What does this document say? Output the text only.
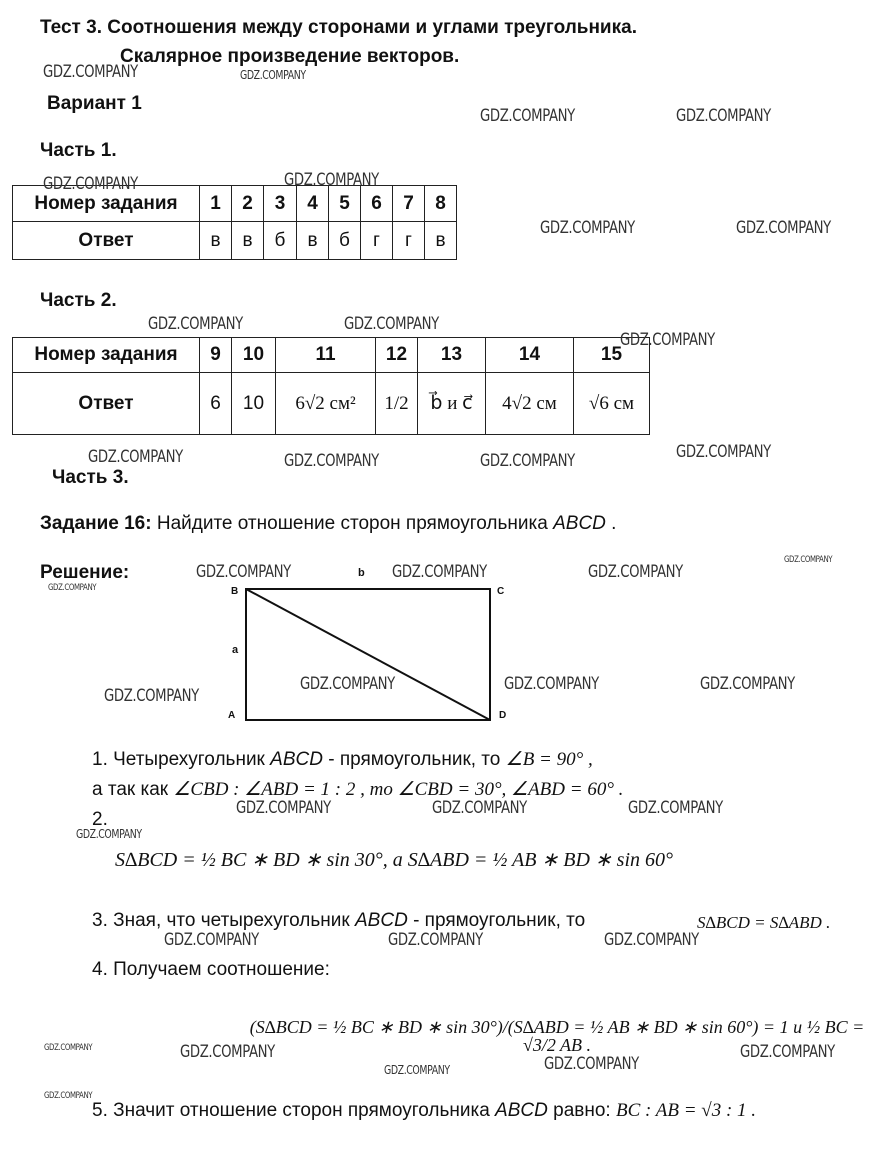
Тест 3. Соотношения между сторонами и углами треугольника.
Скалярное произведение векторов.
Вариант 1
Часть 1.
Номер задания	1	2	3	4	5	6	7	8
Ответ	в	в	б	в	б	г	г	в
Часть 2.
Номер задания	9	10	11	12	13	14	15
Ответ	6	10	6√2 см²	1/2	b⃗ и c⃗	4√2 см	√6 см
Часть 3.
Задание 16: Найдите отношение сторон прямоугольника ABCD .
Решение:
B	C
A	D
a
b
1. Четырехугольник ABCD - прямоугольник, то ∠B = 90° ,
а так как ∠CBD : ∠ABD = 1 : 2 , то ∠CBD = 30°, ∠ABD = 60° .
2.
S∆BCD = ½ BC ∗ BD ∗ sin 30°, а S∆ABD = ½ AB ∗ BD ∗ sin 60°
3. Зная, что четырехугольник ABCD - прямоугольник, то	S∆BCD = S∆ABD .
4. Получаем соотношение:
(S∆BCD = ½ BC ∗ BD ∗ sin 30°)/(S∆ABD = ½ AB ∗ BD ∗ sin 60°) = 1 и ½ BC = √3/2 AB .
5. Значит отношение сторон прямоугольника ABCD равно: BC : AB = √3 : 1 .
GDZ.COMPANY	GDZ.COMPANY
GDZ.COMPANY	GDZ.COMPANY
GDZ.COMPANY	GDZ.COMPANY
GDZ.COMPANY	GDZ.COMPANY
GDZ.COMPANY	GDZ.COMPANY
GDZ.COMPANY
GDZ.COMPANY	GDZ.COMPANY	GDZ.COMPANY	GDZ.COMPANY
GDZ.COMPANY
GDZ.COMPANY	GDZ.COMPANY	GDZ.COMPANY
GDZ.COMPANY
GDZ.COMPANY
GDZ.COMPANY	GDZ.COMPANY	GDZ.COMPANY
GDZ.COMPANY	GDZ.COMPANY	GDZ.COMPANY
GDZ.COMPANY
GDZ.COMPANY	GDZ.COMPANY	GDZ.COMPANY
GDZ.COMPANY	GDZ.COMPANY
GDZ.COMPANY	GDZ.COMPANY
GDZ.COMPANY
GDZ.COMPANY
